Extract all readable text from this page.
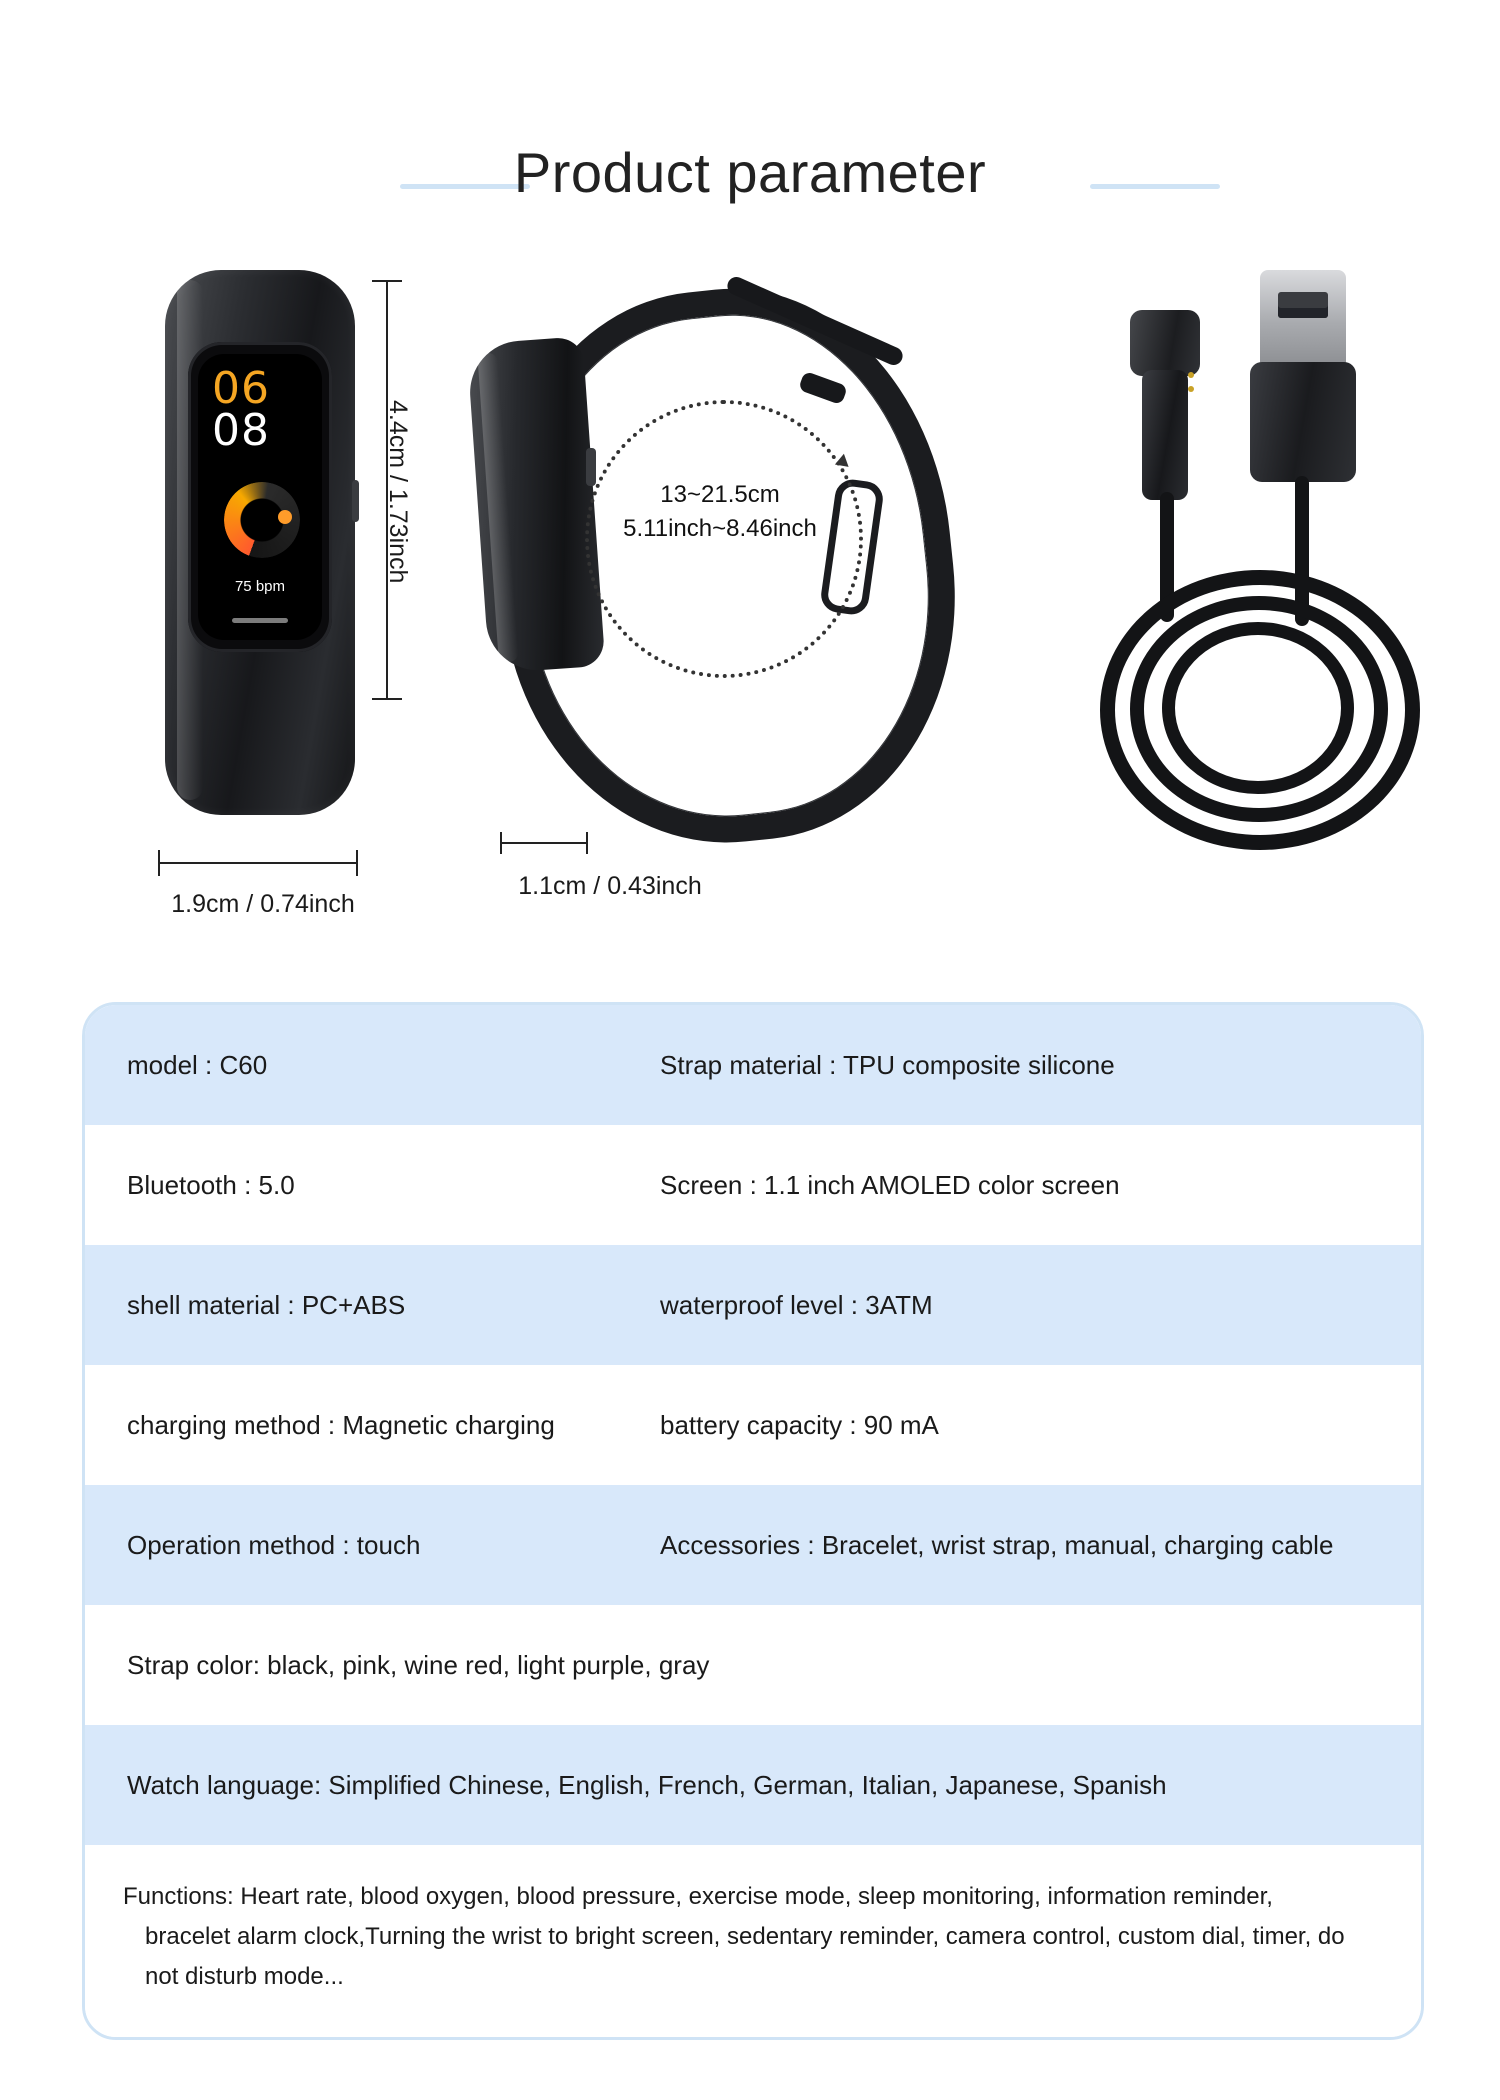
Product parameter
06
08
75 bpm
4.4cm / 1.73inch
1.9cm / 0.74inch
13~21.5cm
5.11inch~8.46inch
1.1cm / 0.43inch
model : C60	Strap material : TPU composite silicone
Bluetooth : 5.0	Screen : 1.1 inch AMOLED color screen
shell material : PC+ABS	waterproof level : 3ATM
charging method : Magnetic charging	battery capacity : 90 mA
Operation method : touch	Accessories : Bracelet, wrist strap, manual, charging cable
Strap color: black, pink, wine red, light purple, gray
Watch language: Simplified Chinese, English, French, German, Italian, Japanese, Spanish
Functions: Heart rate, blood oxygen, blood pressure, exercise mode, sleep monitoring, information reminder, bracelet alarm clock,Turning the wrist to bright screen, sedentary reminder, camera control, custom dial, timer, do not disturb mode...
